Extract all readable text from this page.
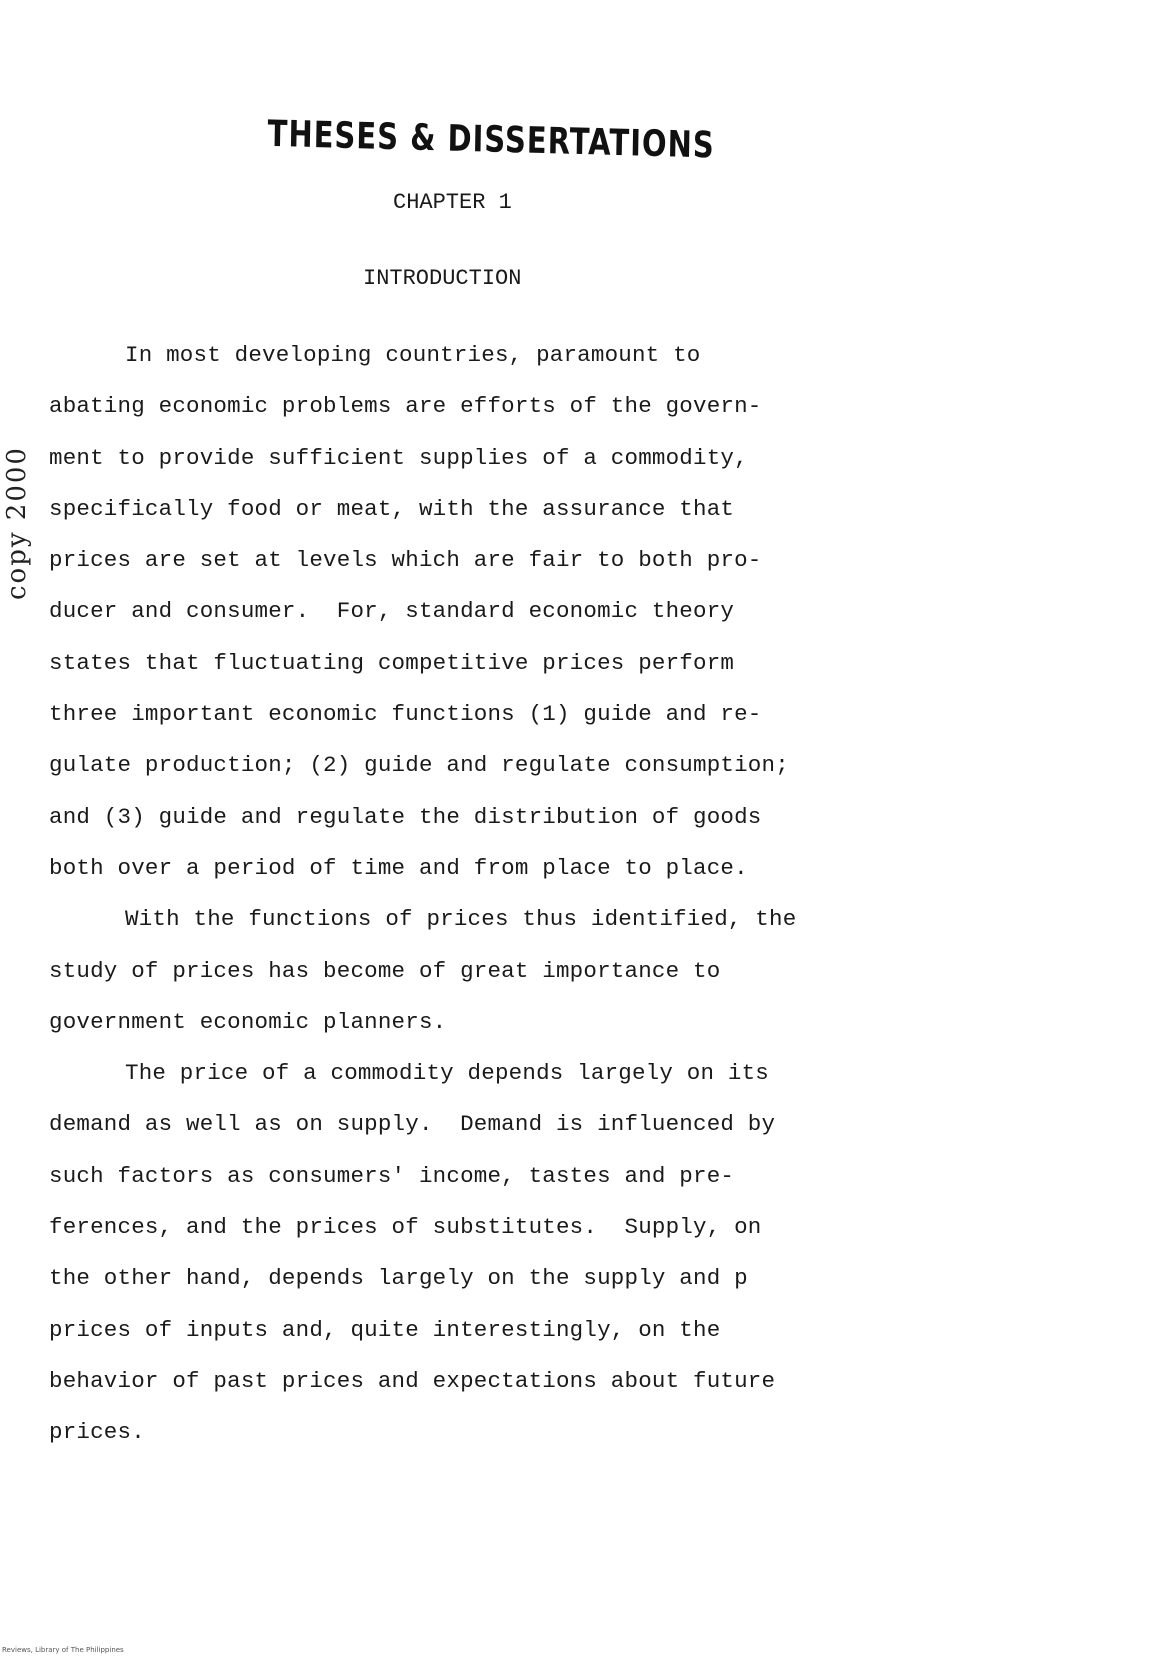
THESES & DISSERTATIONS
CHAPTER 1
INTRODUCTION
copy 2000
In most developing countries, paramount to
abating economic problems are efforts of the govern-
ment to provide sufficient supplies of a commodity,
specifically food or meat, with the assurance that
prices are set at levels which are fair to both pro-
ducer and consumer.  For, standard economic theory
states that fluctuating competitive prices perform
three important economic functions (1) guide and re-
gulate production; (2) guide and regulate consumption;
and (3) guide and regulate the distribution of goods
both over a period of time and from place to place.
With the functions of prices thus identified, the
study of prices has become of great importance to
government economic planners.
The price of a commodity depends largely on its
demand as well as on supply.  Demand is influenced by
such factors as consumers' income, tastes and pre-
ferences, and the prices of substitutes.  Supply, on
the other hand, depends largely on the supply and p
prices of inputs and, quite interestingly, on the
behavior of past prices and expectations about future
prices.
Reviews, Library of The Philippines
